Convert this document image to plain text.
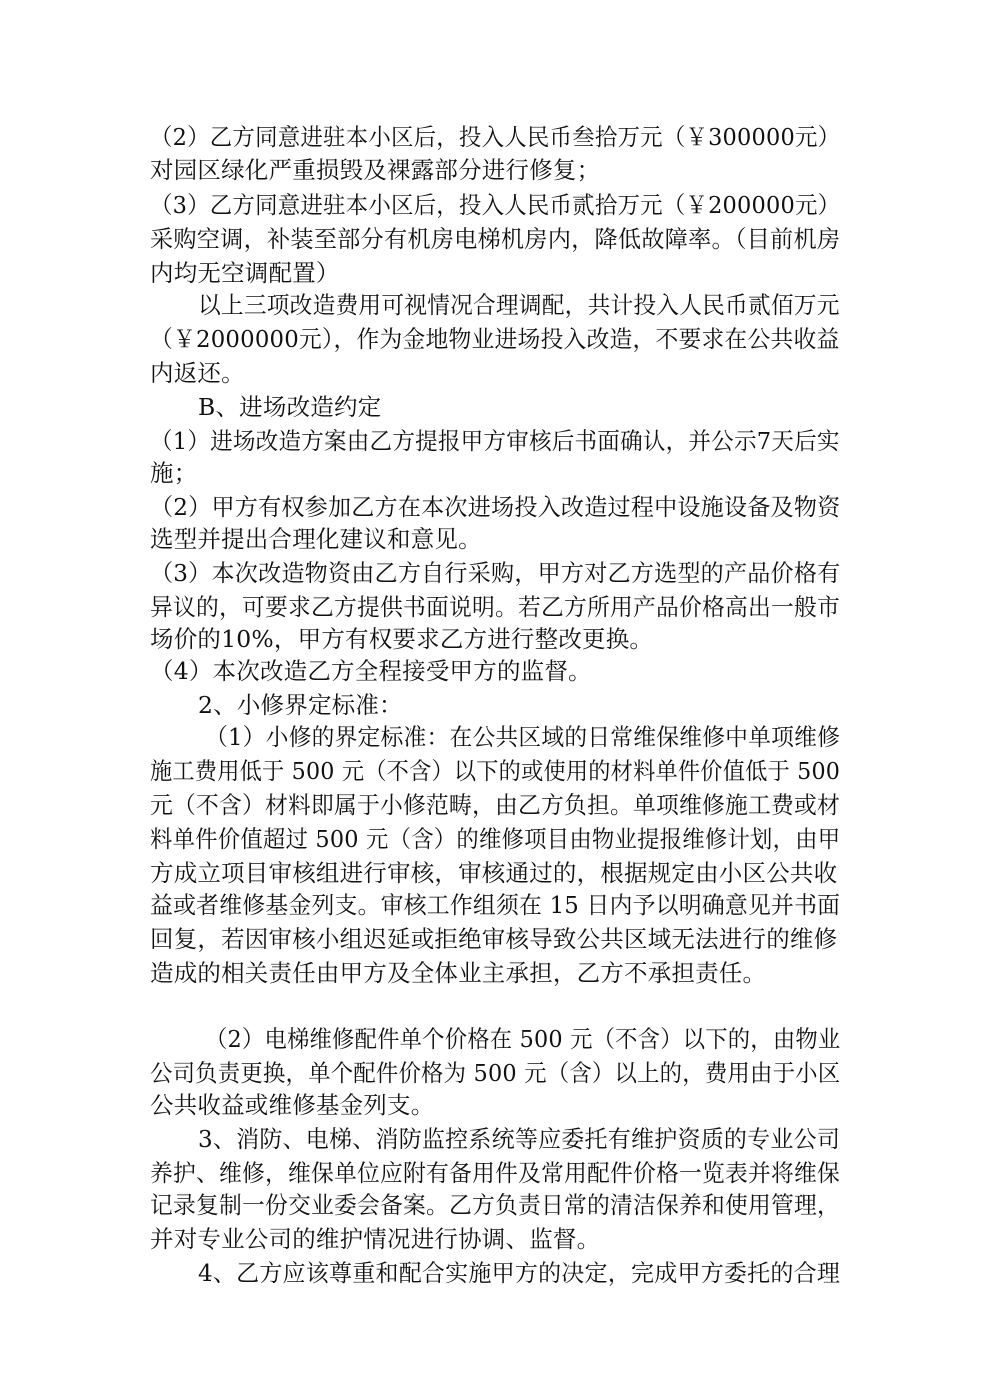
（2）乙方同意进驻本小区后，投入人民币叁拾万元（￥300000元）
对园区绿化严重损毁及裸露部分进行修复；
（3）乙方同意进驻本小区后，投入人民币贰拾万元（￥200000元）
采购空调，补装至部分有机房电梯机房内，降低故障率。（目前机房
内均无空调配置）
以上三项改造费用可视情况合理调配，共计投入人民币贰佰万元
（￥2000000元），作为金地物业进场投入改造，不要求在公共收益
内返还。
B、进场改造约定
（1）进场改造方案由乙方提报甲方审核后书面确认，并公示7天后实
施；
（2）甲方有权参加乙方在本次进场投入改造过程中设施设备及物资
选型并提出合理化建议和意见。
（3）本次改造物资由乙方自行采购，甲方对乙方选型的产品价格有
异议的，可要求乙方提供书面说明。若乙方所用产品价格高出一般市
场价的10%，甲方有权要求乙方进行整改更换。
（4）本次改造乙方全程接受甲方的监督。
2、小修界定标准：
（1）小修的界定标准：在公共区域的日常维保维修中单项维修
施工费用低于 500 元（不含）以下的或使用的材料单件价值低于 500
元（不含）材料即属于小修范畴，由乙方负担。单项维修施工费或材
料单件价值超过 500 元（含）的维修项目由物业提报维修计划，由甲
方成立项目审核组进行审核，审核通过的，根据规定由小区公共收
益或者维修基金列支。审核工作组须在 15 日内予以明确意见并书面
回复，若因审核小组迟延或拒绝审核导致公共区域无法进行的维修
造成的相关责任由甲方及全体业主承担，乙方不承担责任。
（2）电梯维修配件单个价格在 500 元（不含）以下的，由物业
公司负责更换，单个配件价格为 500 元（含）以上的，费用由于小区
公共收益或维修基金列支。
3、消防、电梯、消防监控系统等应委托有维护资质的专业公司
养护、维修，维保单位应附有备用件及常用配件价格一览表并将维保
记录复制一份交业委会备案。乙方负责日常的清洁保养和使用管理，
并对专业公司的维护情况进行协调、监督。
4、乙方应该尊重和配合实施甲方的决定，完成甲方委托的合理
